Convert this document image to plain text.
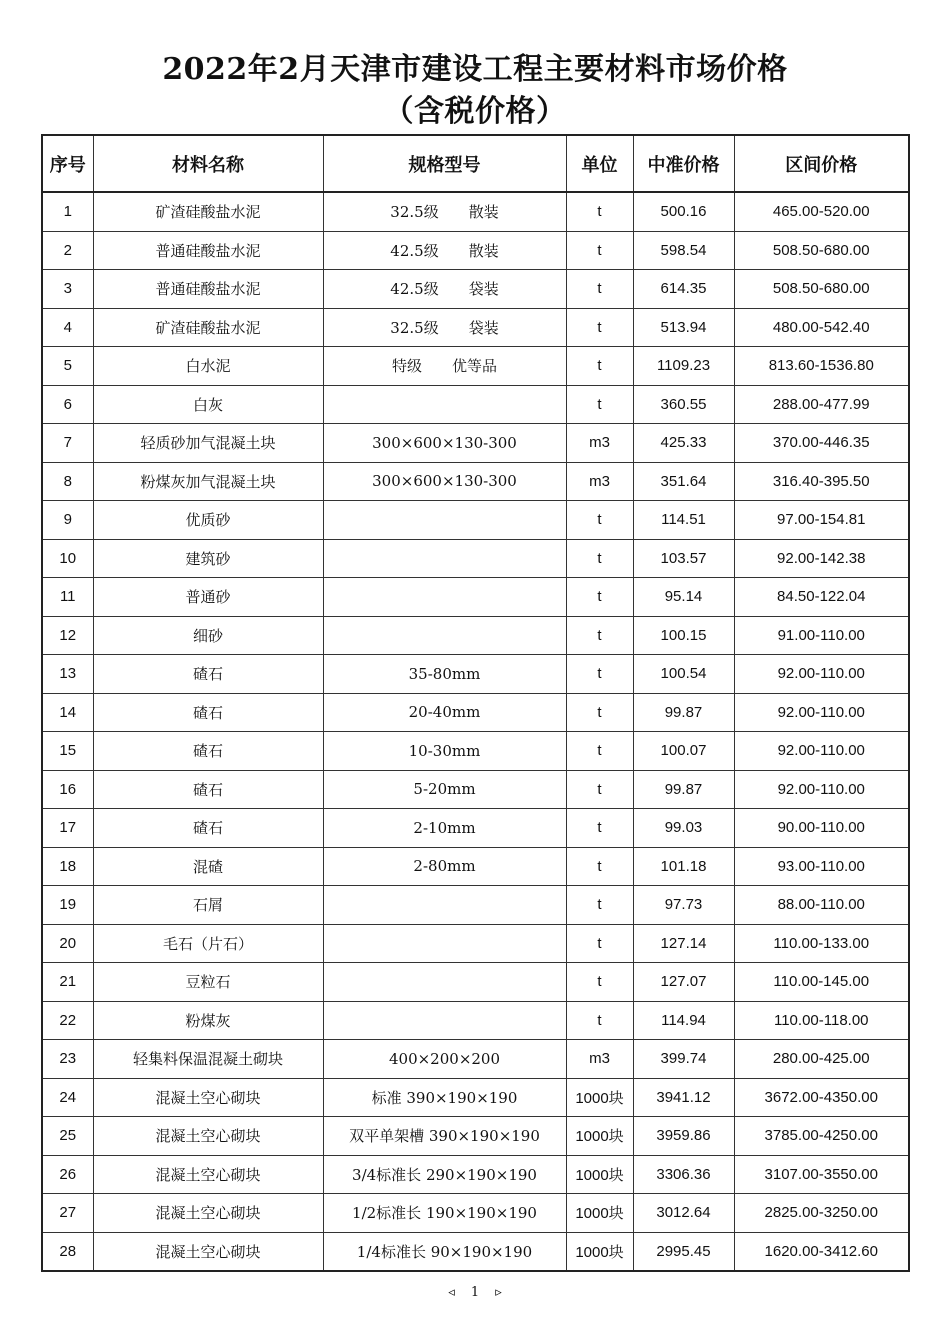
2022年2月天津市建设工程主要材料市场价格
（含税价格）
序号	材料名称	规格型号	单位	中准价格	区间价格
1	矿渣硅酸盐水泥	32.5级　　散装	t	500.16	465.00-520.00
2	普通硅酸盐水泥	42.5级　　散装	t	598.54	508.50-680.00
3	普通硅酸盐水泥	42.5级　　袋装	t	614.35	508.50-680.00
4	矿渣硅酸盐水泥	32.5级　　袋装	t	513.94	480.00-542.40
5	白水泥	特级　　优等品	t	1109.23	813.60-1536.80
6	白灰		t	360.55	288.00-477.99
7	轻质砂加气混凝土块	300×600×130-300	m3	425.33	370.00-446.35
8	粉煤灰加气混凝土块	300×600×130-300	m3	351.64	316.40-395.50
9	优质砂		t	114.51	97.00-154.81
10	建筑砂		t	103.57	92.00-142.38
11	普通砂		t	95.14	84.50-122.04
12	细砂		t	100.15	91.00-110.00
13	碴石	35-80mm	t	100.54	92.00-110.00
14	碴石	20-40mm	t	99.87	92.00-110.00
15	碴石	10-30mm	t	100.07	92.00-110.00
16	碴石	5-20mm	t	99.87	92.00-110.00
17	碴石	2-10mm	t	99.03	90.00-110.00
18	混碴	2-80mm	t	101.18	93.00-110.00
19	石屑		t	97.73	88.00-110.00
20	毛石（片石）		t	127.14	110.00-133.00
21	豆粒石		t	127.07	110.00-145.00
22	粉煤灰		t	114.94	110.00-118.00
23	轻集料保温混凝土砌块	400×200×200	m3	399.74	280.00-425.00
24	混凝土空心砌块	标准 390×190×190	1000块	3941.12	3672.00-4350.00
25	混凝土空心砌块	双平单架槽 390×190×190	1000块	3959.86	3785.00-4250.00
26	混凝土空心砌块	3/4标准长 290×190×190	1000块	3306.36	3107.00-3550.00
27	混凝土空心砌块	1/2标准长 190×190×190	1000块	3012.64	2825.00-3250.00
28	混凝土空心砌块	1/4标准长 90×190×190	1000块	2995.45	1620.00-3412.60
◃ 1 ▹
